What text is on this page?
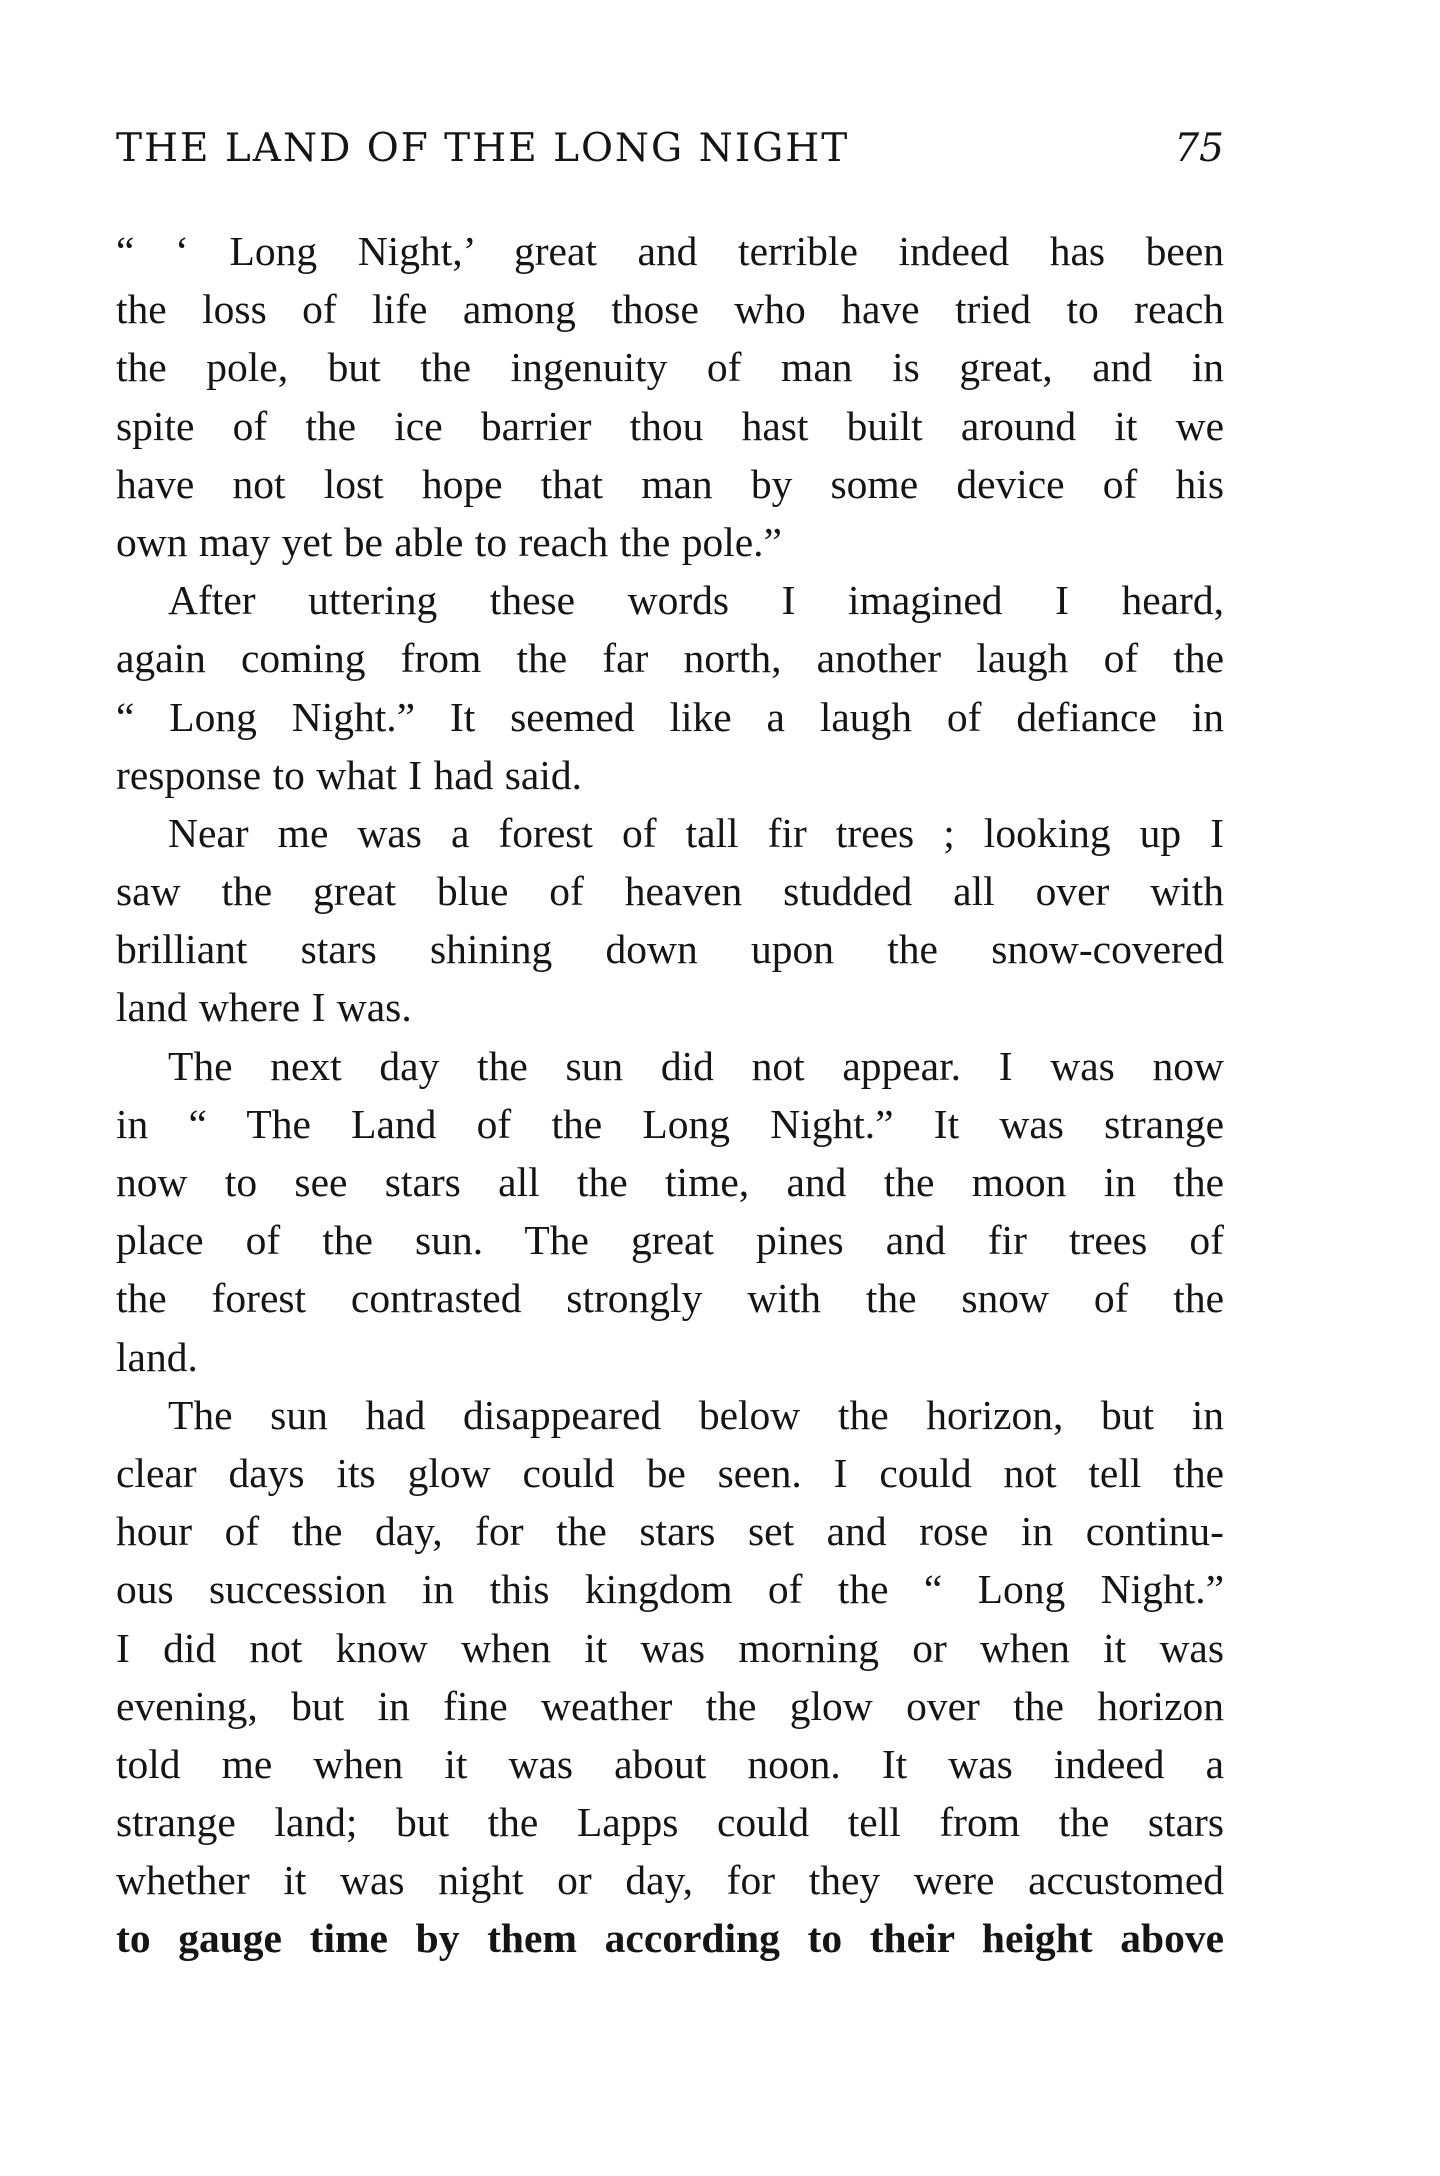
THE LAND OF THE LONG NIGHT	75
“ ‘ Long Night,’ great and terrible indeed has been
the loss of life among those who have tried to reach
the pole, but the ingenuity of man is great, and in
spite of the ice barrier thou hast built around it we
have not lost hope that man by some device of his
own may yet be able to reach the pole.”
After uttering these words I imagined I heard,
again coming from the far north, another laugh of the
“ Long Night.” It seemed like a laugh of defiance in
response to what I had said.
Near me was a forest of tall fir trees ; looking up I
saw the great blue of heaven studded all over with
brilliant stars shining down upon the snow-covered
land where I was.
The next day the sun did not appear. I was now
in “ The Land of the Long Night.” It was strange
now to see stars all the time, and the moon in the
place of the sun. The great pines and fir trees of
the forest contrasted strongly with the snow of the
land.
The sun had disappeared below the horizon, but in
clear days its glow could be seen. I could not tell the
hour of the day, for the stars set and rose in continu-
ous succession in this kingdom of the “ Long Night.”
I did not know when it was morning or when it was
evening, but in fine weather the glow over the horizon
told me when it was about noon. It was indeed a
strange land; but the Lapps could tell from the stars
whether it was night or day, for they were accustomed
to gauge time by them according to their height above
